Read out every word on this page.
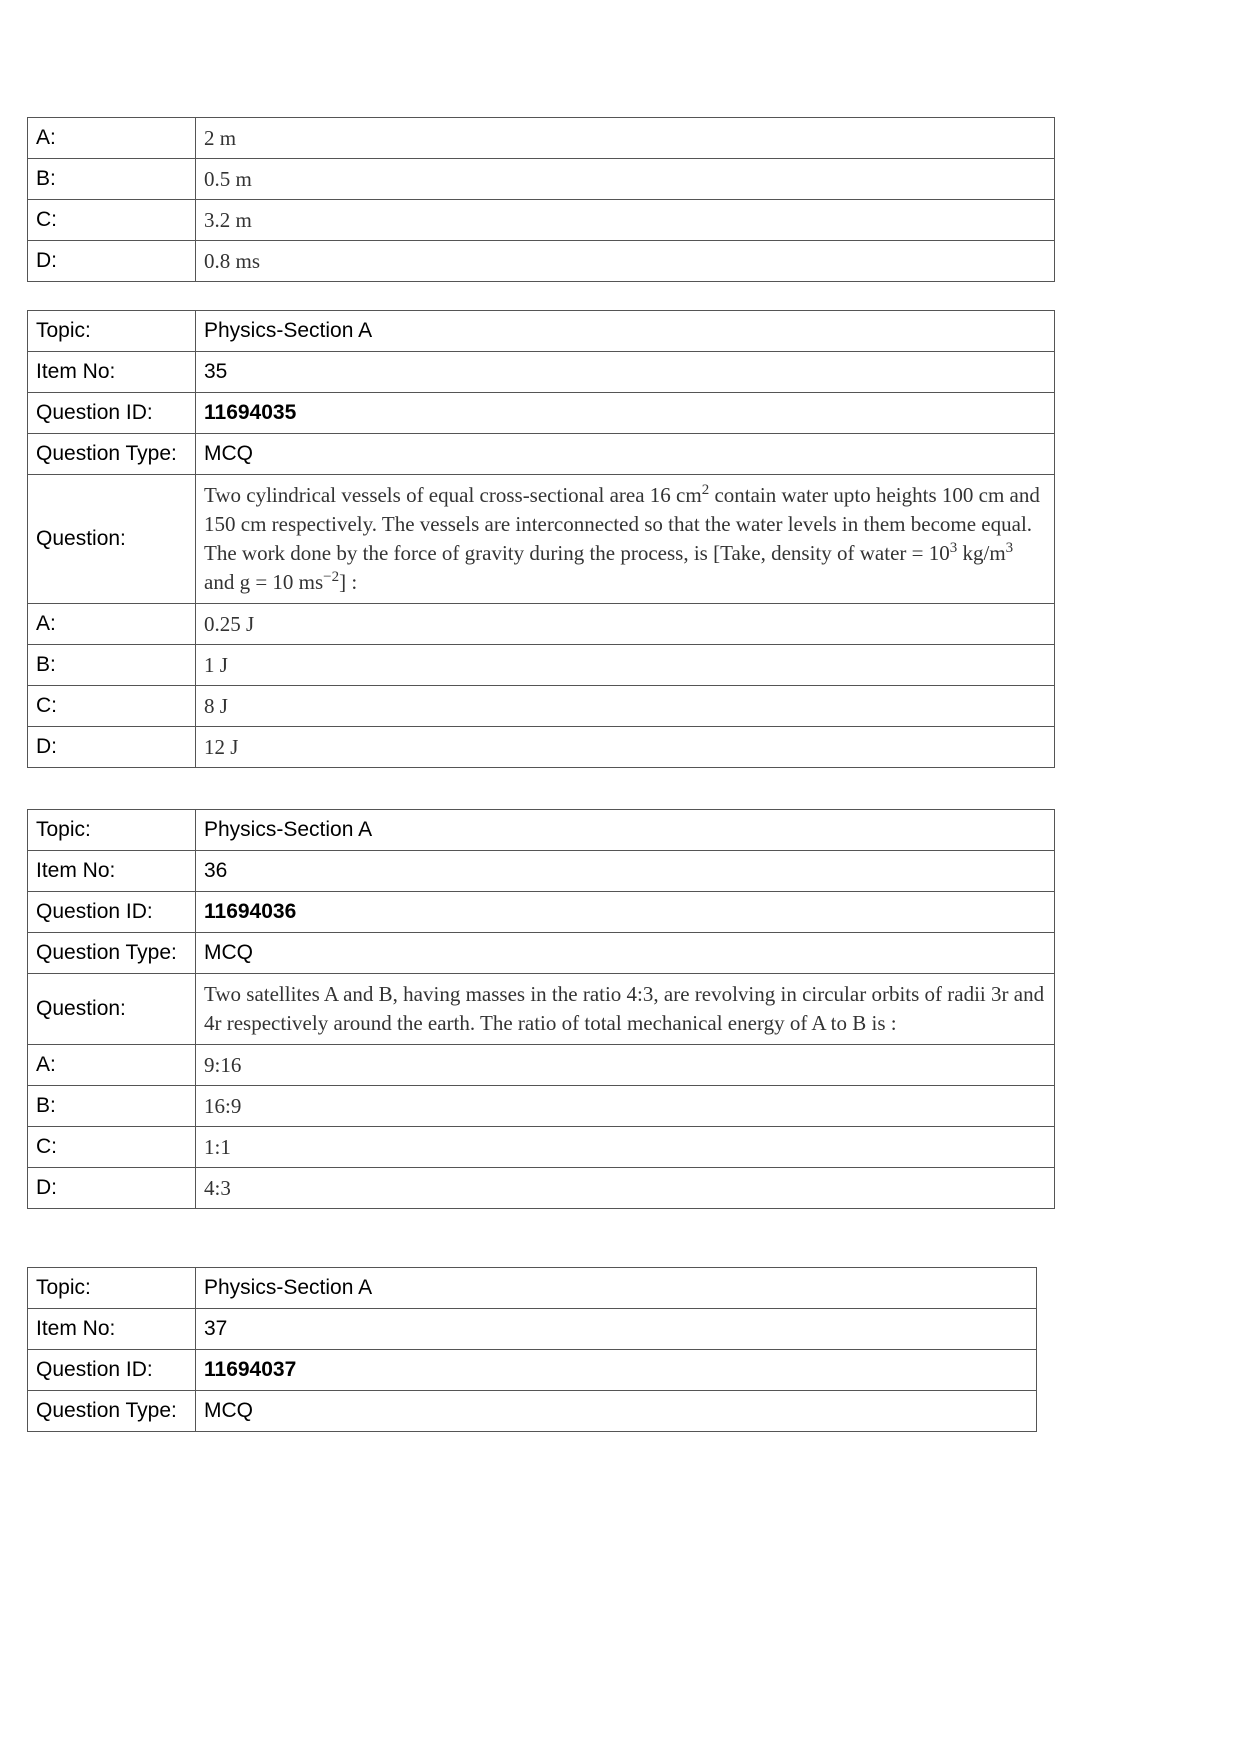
A:	2 m
B:	0.5 m
C:	3.2 m
D:	0.8 ms
Topic:	Physics-Section A
Item No:	35
Question ID:	11694035
Question Type:	MCQ
Question:	Two cylindrical vessels of equal cross-sectional area 16 $cm^2$ contain water upto heights 100 cm and 150 cm respectively. The vessels are interconnected so that the water levels in them become equal. The work done by the force of gravity during the process, is [Take, density of water = $10^3$ $kg/m^3$ and g = 10 $ms^{-2}$] :
A:	0.25 J
B:	1 J
C:	8 J
D:	12 J
Topic:	Physics-Section A
Item No:	36
Question ID:	11694036
Question Type:	MCQ
Question:	Two satellites A and B, having masses in the ratio 4:3, are revolving in circular orbits of radii 3r and 4r respectively around the earth. The ratio of total mechanical energy of A to B is :
A:	9:16
B:	16:9
C:	1:1
D:	4:3
Topic:	Physics-Section A
Item No:	37
Question ID:	11694037
Question Type:	MCQ
